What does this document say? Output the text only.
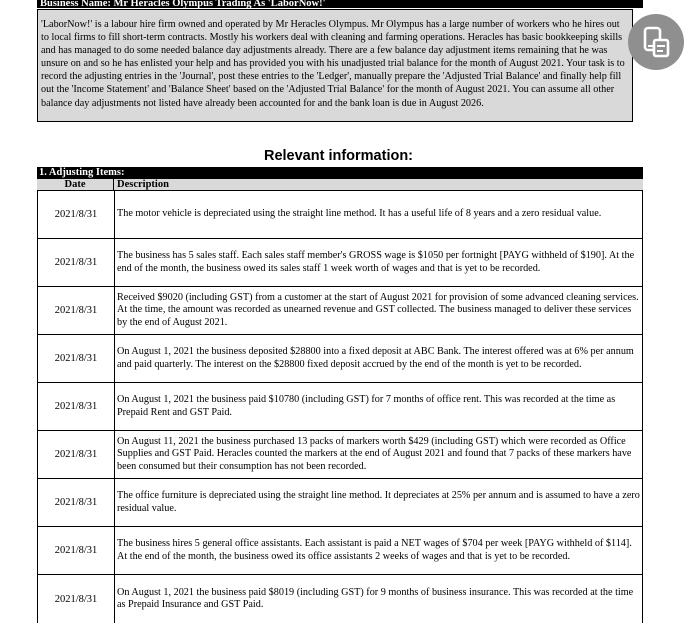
Business Name: Mr Heracles Olympus Trading As 'LaborNow!'
'LaborNow!' is a labour hire firm owned and operated by Mr Heracles Olympus. Mr Olympus has a large number of workers who he hires out to local firms to fill short-term contracts. Mostly his workers deal with cleaning and farming operations. Heracles has basic bookkeeping skills and has managed to do some needed balance day adjustments already. There are a few balance day adjustment items remaining that he was unsure on and so he has enlisted your help and has provided you with his unadjusted trial balance for the month of August 2021. Your task is to record the adjusting entries in the 'Journal', post these entries to the 'Ledger', manually prepare the 'Adjusted Trial Balance' and finally help fill out the 'Income Statement' and 'Balance Sheet' based on the 'Adjusted Trial Balance' for the month of August 2021. You can assume all other balance day adjustments not listed have already been accounted for and the bank loan is due in August 2026.
Relevant information:
1. Adjusting Items:
Date	Description
2021/8/31	The motor vehicle is depreciated using the straight line method. It has a useful life of 8 years and a zero residual value.
2021/8/31
The business has 5 sales staff. Each sales staff member's GROSS wage is $1050 per fortnight [PAYG withheld of $190]. At the end of the month, the business owed its sales staff 1 week worth of wages and that is yet to be recorded.
2021/8/31
Received $9020 (including GST) from a customer at the start of August 2021 for provision of some advanced cleaning services. At the time, the amount was recorded as unearned revenue and GST collected. The business managed to deliver these services by the end of August 2021.
2021/8/31
On August 1, 2021 the business deposited $28800 into a fixed deposit at ABC Bank. The interest offered was at 6% per annum and paid quarterly. The interest on the $28800 fixed deposit accrued by the end of the month is yet to be recorded.
2021/8/31
On August 1, 2021 the business paid $10780 (including GST) for 7 months of office rent. This was recorded at the time as Prepaid Rent and GST Paid.
2021/8/31
On August 11, 2021 the business purchased 13 packs of markers worth $429 (including GST) which were recorded as Office Supplies and GST Paid. Heracles counted the markers at the end of August 2021 and found that 7 packs of these markers have been consumed but their consumption has not been recorded.
2021/8/31
The office furniture is depreciated using the straight line method. It depreciates at 25% per annum and is assumed to have a zero residual value.
2021/8/31
The business hires 5 general office assistants. Each assistant is paid a NET wages of $704 per week [PAYG withheld of $114]. At the end of the month, the business owed its office assistants 2 weeks of wages and that is yet to be recorded.
2021/8/31
On August 1, 2021 the business paid $8019 (including GST) for 9 months of business insurance. This was recorded at the time as Prepaid Insurance and GST Paid.
